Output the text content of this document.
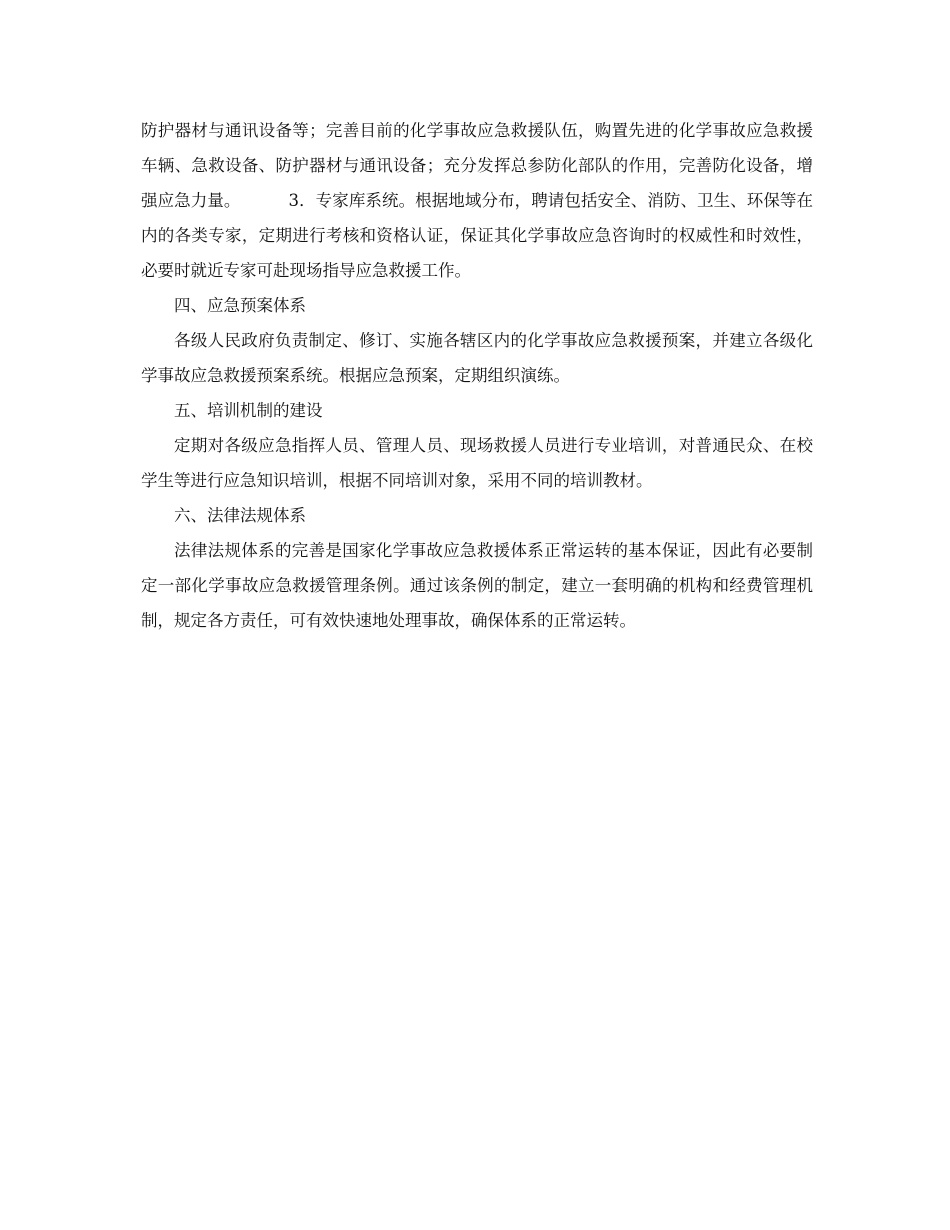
防护器材与通讯设备等；完善目前的化学事故应急救援队伍，购置先进的化学事故应急救援车辆、急救设备、防护器材与通讯设备；充分发挥总参防化部队的作用，完善防化设备，增强应急力量。	3．专家库系统。根据地域分布，聘请包括安全、消防、卫生、环保等在内的各类专家，定期进行考核和资格认证，保证其化学事故应急咨询时的权威性和时效性，必要时就近专家可赴现场指导应急救援工作。

四、应急预案体系

各级人民政府负责制定、修订、实施各辖区内的化学事故应急救援预案，并建立各级化学事故应急救援预案系统。根据应急预案，定期组织演练。

五、培训机制的建设

定期对各级应急指挥人员、管理人员、现场救援人员进行专业培训，对普通民众、在校学生等进行应急知识培训，根据不同培训对象，采用不同的培训教材。

六、法律法规体系

法律法规体系的完善是国家化学事故应急救援体系正常运转的基本保证，因此有必要制定一部化学事故应急救援管理条例。通过该条例的制定，建立一套明确的机构和经费管理机制，规定各方责任，可有效快速地处理事故，确保体系的正常运转。
